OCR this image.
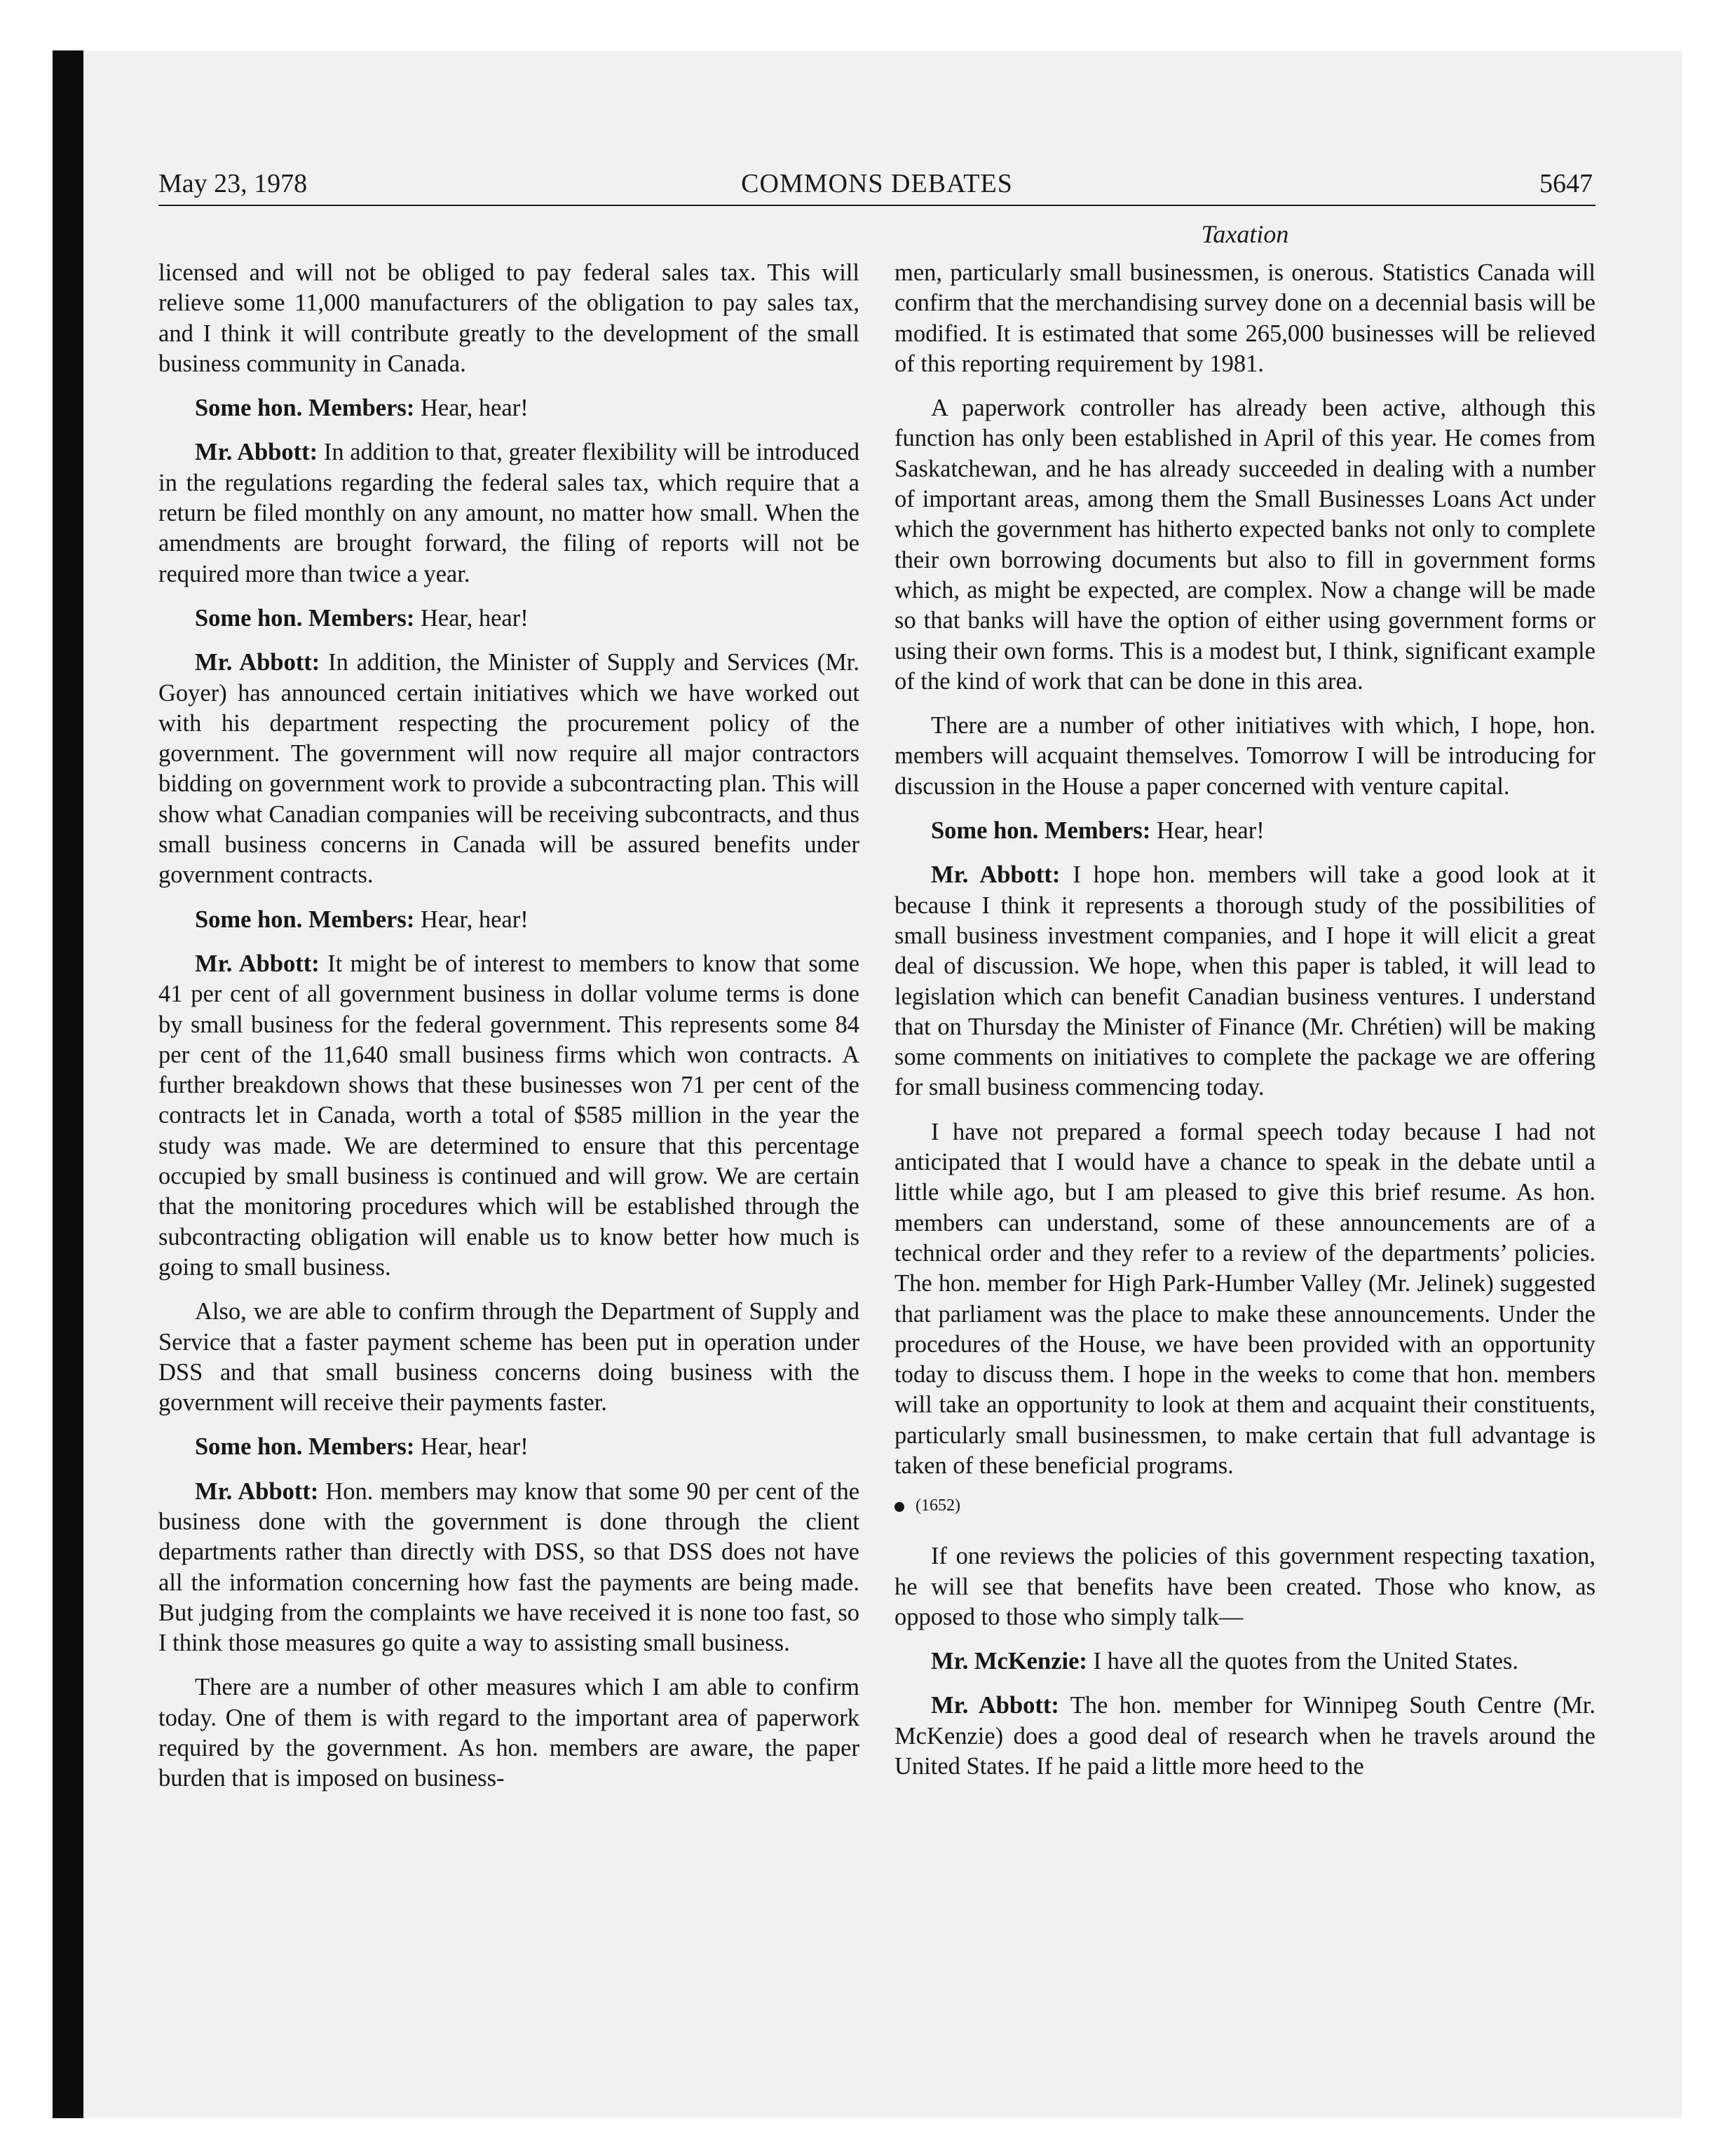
May 23, 1978	COMMONS DEBATES	5647
Taxation

licensed and will not be obliged to pay federal sales tax. This will relieve some 11,000 manufacturers of the obligation to pay sales tax, and I think it will contribute greatly to the development of the small business community in Canada.

Some hon. Members: Hear, hear!

Mr. Abbott: In addition to that, greater flexibility will be introduced in the regulations regarding the federal sales tax, which require that a return be filed monthly on any amount, no matter how small. When the amendments are brought forward, the filing of reports will not be required more than twice a year.

Some hon. Members: Hear, hear!

Mr. Abbott: In addition, the Minister of Supply and Services (Mr. Goyer) has announced certain initiatives which we have worked out with his department respecting the procurement policy of the government. The government will now require all major contractors bidding on government work to provide a subcontracting plan. This will show what Canadian companies will be receiving subcontracts, and thus small business concerns in Canada will be assured benefits under government contracts.

Some hon. Members: Hear, hear!

Mr. Abbott: It might be of interest to members to know that some 41 per cent of all government business in dollar volume terms is done by small business for the federal government. This represents some 84 per cent of the 11,640 small business firms which won contracts. A further breakdown shows that these businesses won 71 per cent of the contracts let in Canada, worth a total of $585 million in the year the study was made. We are determined to ensure that this percentage occupied by small business is continued and will grow. We are certain that the monitoring procedures which will be established through the subcontracting obligation will enable us to know better how much is going to small business.

Also, we are able to confirm through the Department of Supply and Service that a faster payment scheme has been put in operation under DSS and that small business concerns doing business with the government will receive their payments faster.

Some hon. Members: Hear, hear!

Mr. Abbott: Hon. members may know that some 90 per cent of the business done with the government is done through the client departments rather than directly with DSS, so that DSS does not have all the information concerning how fast the payments are being made. But judging from the complaints we have received it is none too fast, so I think those measures go quite a way to assisting small business.

There are a number of other measures which I am able to confirm today. One of them is with regard to the important area of paperwork required by the government. As hon. members are aware, the paper burden that is imposed on business-

men, particularly small businessmen, is onerous. Statistics Canada will confirm that the merchandising survey done on a decennial basis will be modified. It is estimated that some 265,000 businesses will be relieved of this reporting requirement by 1981.

A paperwork controller has already been active, although this function has only been established in April of this year. He comes from Saskatchewan, and he has already succeeded in dealing with a number of important areas, among them the Small Businesses Loans Act under which the government has hitherto expected banks not only to complete their own borrowing documents but also to fill in government forms which, as might be expected, are complex. Now a change will be made so that banks will have the option of either using government forms or using their own forms. This is a modest but, I think, significant example of the kind of work that can be done in this area.

There are a number of other initiatives with which, I hope, hon. members will acquaint themselves. Tomorrow I will be introducing for discussion in the House a paper concerned with venture capital.

Some hon. Members: Hear, hear!

Mr. Abbott: I hope hon. members will take a good look at it because I think it represents a thorough study of the possibilities of small business investment companies, and I hope it will elicit a great deal of discussion. We hope, when this paper is tabled, it will lead to legislation which can benefit Canadian business ventures. I understand that on Thursday the Minister of Finance (Mr. Chrétien) will be making some comments on initiatives to complete the package we are offering for small business commencing today.

I have not prepared a formal speech today because I had not anticipated that I would have a chance to speak in the debate until a little while ago, but I am pleased to give this brief resume. As hon. members can understand, some of these announcements are of a technical order and they refer to a review of the departments’ policies. The hon. member for High Park-Humber Valley (Mr. Jelinek) suggested that parliament was the place to make these announcements. Under the procedures of the House, we have been provided with an opportunity today to discuss them. I hope in the weeks to come that hon. members will take an opportunity to look at them and acquaint their constituents, particularly small businessmen, to make certain that full advantage is taken of these beneficial programs.

(1652)

If one reviews the policies of this government respecting taxation, he will see that benefits have been created. Those who know, as opposed to those who simply talk—

Mr. McKenzie: I have all the quotes from the United States.

Mr. Abbott: The hon. member for Winnipeg South Centre (Mr. McKenzie) does a good deal of research when he travels around the United States. If he paid a little more heed to the
